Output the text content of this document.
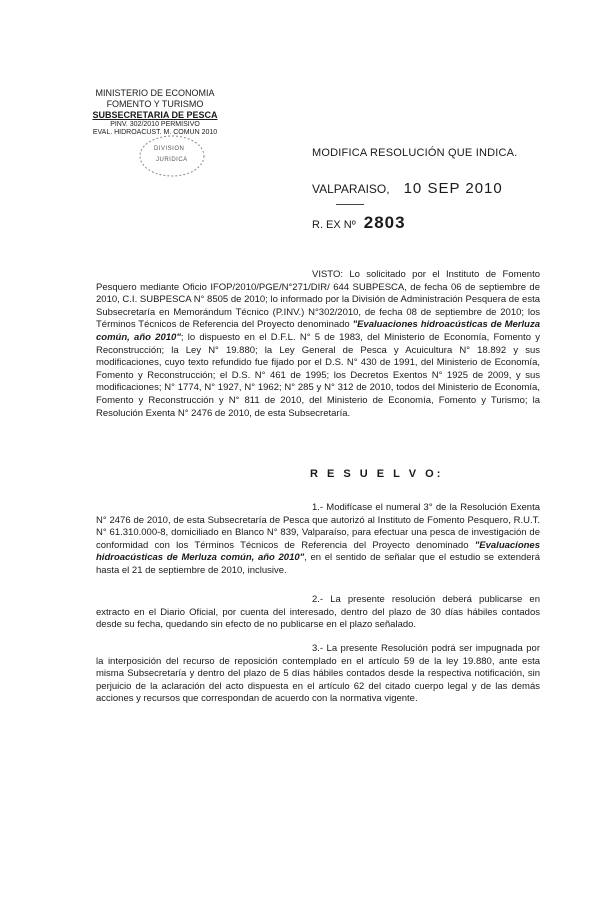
MINISTERIO DE ECONOMIA
FOMENTO Y TURISMO
SUBSECRETARIA DE PESCA
PINV. 302/2010 PERMISIVO
EVAL. HIDROACUST. M. COMUN 2010
DIVISION
JURIDICA
MODIFICA RESOLUCIÓN QUE INDICA.
VALPARAISO, 10 SEP 2010
R. EX Nº 2803
VISTO: Lo solicitado por el Instituto de Fomento Pesquero mediante Oficio IFOP/2010/PGE/N°271/DIR/ 644 SUBPESCA, de fecha 06 de septiembre de 2010, C.I. SUBPESCA N° 8505 de 2010; lo informado por la División de Administración Pesquera de esta Subsecretaría en Memorándum Técnico (P.INV.) N°302/2010, de fecha 08 de septiembre de 2010; los Términos Técnicos de Referencia del Proyecto denominado "Evaluaciones hidroacústicas de Merluza común, año 2010"; lo dispuesto en el D.F.L. N° 5 de 1983, del Ministerio de Economía, Fomento y Reconstrucción; la Ley N° 19.880; la Ley General de Pesca y Acuicultura N° 18.892 y sus modificaciones, cuyo texto refundido fue fijado por el D.S. N° 430 de 1991, del Ministerio de Economía, Fomento y Reconstrucción; el D.S. N° 461 de 1995; los Decretos Exentos N° 1925 de 2009, y sus modificaciones; N° 1774, N° 1927, N° 1962; N° 285 y N° 312 de 2010, todos del Ministerio de Economía, Fomento y Reconstrucción y N° 811 de 2010, del Ministerio de Economía, Fomento y Turismo; la Resolución Exenta N° 2476 de 2010, de esta Subsecretaría.
R E S U E L V O:
1.- Modifícase el numeral 3° de la Resolución Exenta N° 2476 de 2010, de esta Subsecretaría de Pesca que autorizó al Instituto de Fomento Pesquero, R.U.T. N° 61.310.000-8, domiciliado en Blanco N° 839, Valparaíso, para efectuar una pesca de investigación de conformidad con los Términos Técnicos de Referencia del Proyecto denominado "Evaluaciones hidroacústicas de Merluza común, año 2010", en el sentido de señalar que el estudio se extenderá hasta el 21 de septiembre de 2010, inclusive.
2.- La presente resolución deberá publicarse en extracto en el Diario Oficial, por cuenta del interesado, dentro del plazo de 30 días hábiles contados desde su fecha, quedando sin efecto de no publicarse en el plazo señalado.
3.- La presente Resolución podrá ser impugnada por la interposición del recurso de reposición contemplado en el artículo 59 de la ley 19.880, ante esta misma Subsecretaría y dentro del plazo de 5 días hábiles contados desde la respectiva notificación, sin perjuicio de la aclaración del acto dispuesta en el artículo 62 del citado cuerpo legal y de las demás acciones y recursos que correspondan de acuerdo con la normativa vigente.
